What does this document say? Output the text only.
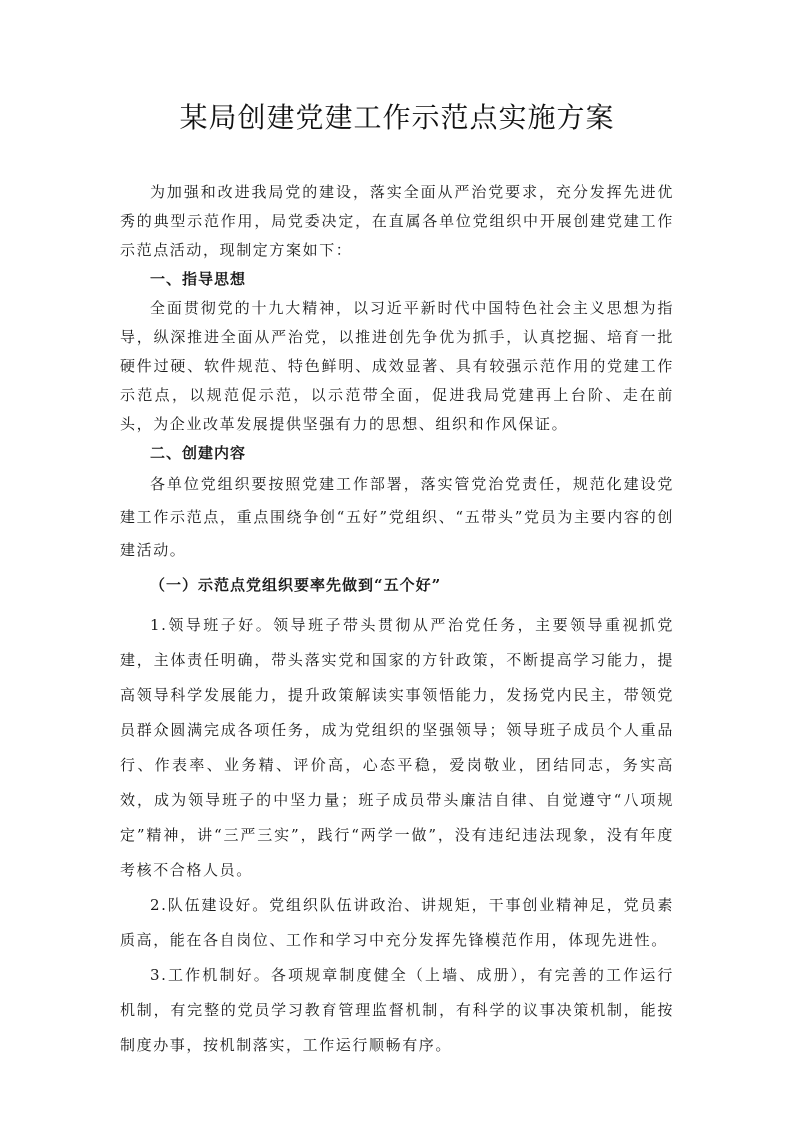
某局创建党建工作示范点实施方案

为加强和改进我局党的建设，落实全面从严治党要求，充分发挥先进优秀的典型示范作用，局党委决定，在直属各单位党组织中开展创建党建工作示范点活动，现制定方案如下：

一、指导思想

全面贯彻党的十九大精神，以习近平新时代中国特色社会主义思想为指导，纵深推进全面从严治党，以推进创先争优为抓手，认真挖掘、培育一批硬件过硬、软件规范、特色鲜明、成效显著、具有较强示范作用的党建工作示范点，以规范促示范，以示范带全面，促进我局党建再上台阶、走在前头，为企业改革发展提供坚强有力的思想、组织和作风保证。

二、创建内容

各单位党组织要按照党建工作部署，落实管党治党责任，规范化建设党建工作示范点，重点围绕争创“五好”党组织、“五带头”党员为主要内容的创建活动。

（一）示范点党组织要率先做到“五个好”

1.领导班子好。领导班子带头贯彻从严治党任务，主要领导重视抓党建，主体责任明确，带头落实党和国家的方针政策，不断提高学习能力，提高领导科学发展能力，提升政策解读实事领悟能力，发扬党内民主，带领党员群众圆满完成各项任务，成为党组织的坚强领导；领导班子成员个人重品行、作表率、业务精、评价高，心态平稳，爱岗敬业，团结同志，务实高效，成为领导班子的中坚力量；班子成员带头廉洁自律、自觉遵守“八项规定”精神，讲“三严三实”，践行“两学一做”，没有违纪违法现象，没有年度考核不合格人员。

2.队伍建设好。党组织队伍讲政治、讲规矩，干事创业精神足，党员素质高，能在各自岗位、工作和学习中充分发挥先锋模范作用，体现先进性。

3.工作机制好。各项规章制度健全（上墙、成册），有完善的工作运行机制，有完整的党员学习教育管理监督机制，有科学的议事决策机制，能按制度办事，按机制落实，工作运行顺畅有序。
